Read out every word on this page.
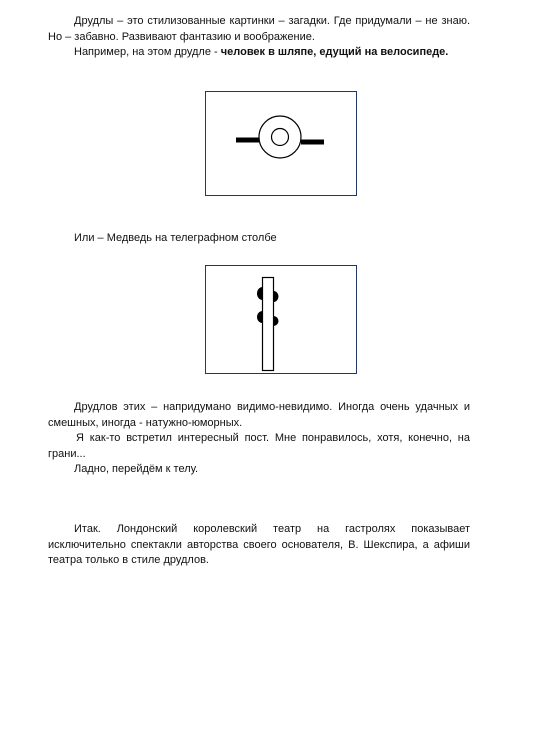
Друдлы – это стилизованные картинки – загадки. Где придумали – не знаю. Но – забавно. Развивают фантазию и воображение.

Например, на этом друдле - человек в шляпе, едущий на велосипеде.

Или – Медведь на телеграфном столбе

Друдлов этих – напридумано видимо-невидимо. Иногда очень удачных и смешных, иногда - натужно-юморных.

Я как-то встретил интересный пост. Мне понравилось, хотя, конечно, на грани...

Ладно, перейдём к телу.

Итак. Лондонский королевский театр на гастролях показывает исключительно спектакли авторства своего основателя, В. Шекспира, а афиши театра только в стиле друдлов.
